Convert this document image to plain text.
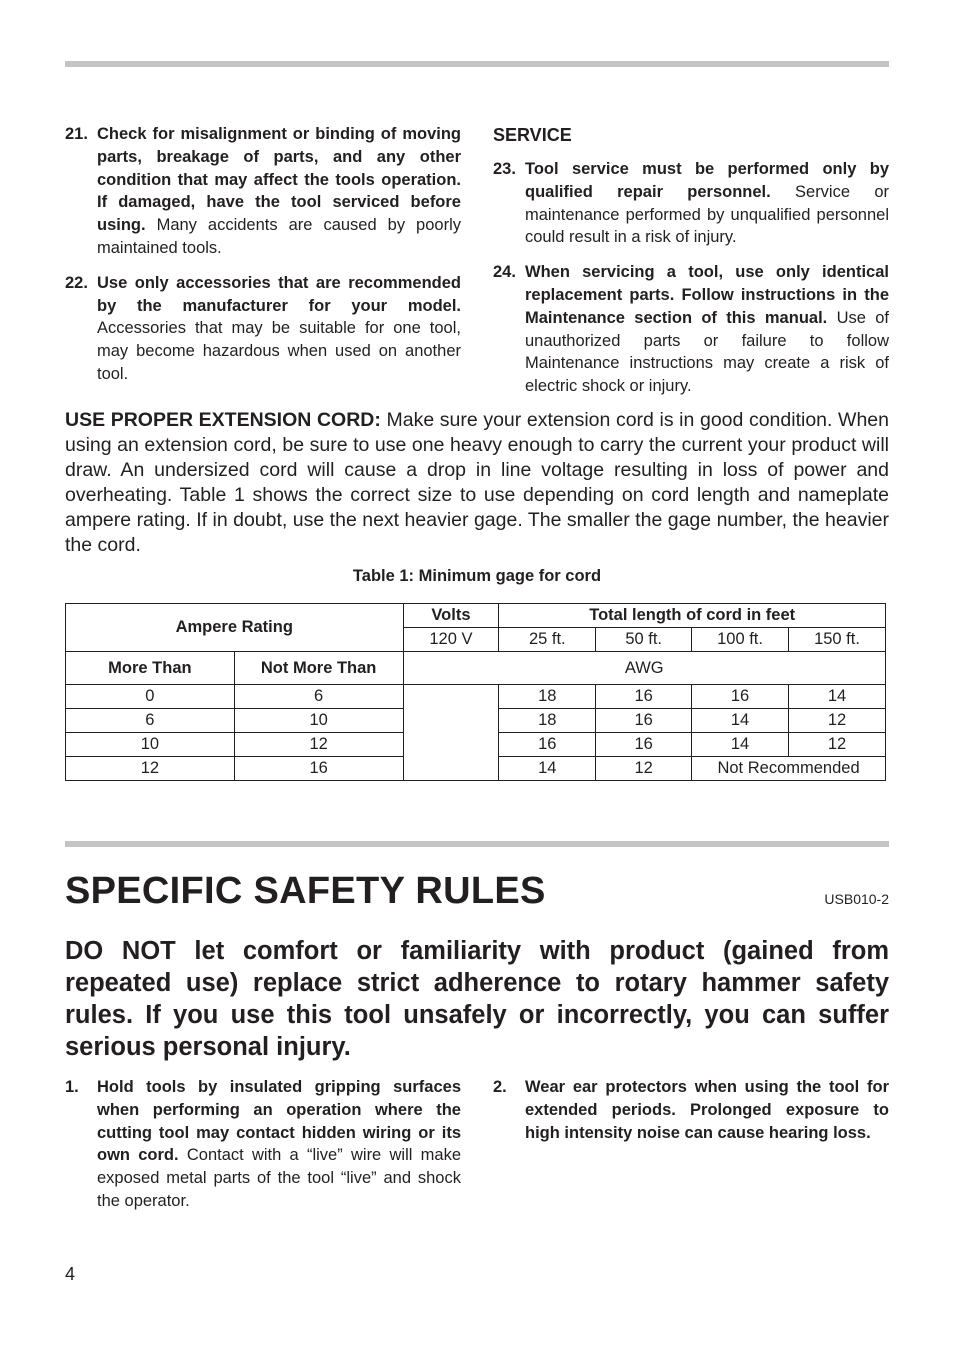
21. Check for misalignment or binding of moving parts, breakage of parts, and any other condition that may affect the tools operation. If damaged, have the tool serviced before using. Many accidents are caused by poorly maintained tools.
22. Use only accessories that are recommended by the manufacturer for your model. Accessories that may be suitable for one tool, may become hazardous when used on another tool.
SERVICE
23. Tool service must be performed only by qualified repair personnel. Service or maintenance performed by unqualified personnel could result in a risk of injury.
24. When servicing a tool, use only identical replacement parts. Follow instructions in the Maintenance section of this manual. Use of unauthorized parts or failure to follow Maintenance instructions may create a risk of electric shock or injury.

USE PROPER EXTENSION CORD: Make sure your extension cord is in good condition. When using an extension cord, be sure to use one heavy enough to carry the current your product will draw. An undersized cord will cause a drop in line voltage resulting in loss of power and overheating. Table 1 shows the correct size to use depending on cord length and nameplate ampere rating. If in doubt, use the next heavier gage. The smaller the gage number, the heavier the cord.

Table 1: Minimum gage for cord
Ampere Rating		Volts	Total length of cord in feet			
		120 V	25 ft.	50 ft.	100 ft.	150 ft.
More Than	Not More Than	AWG				
0	6		18	16	16	14
6	10		18	16	14	12
10	12		16	16	14	12
12	16		14	12	Not Recommended	
SPECIFIC SAFETY RULES	USB010-2

DO NOT let comfort or familiarity with product (gained from repeated use) replace strict adherence to rotary hammer safety rules. If you use this tool unsafely or incorrectly, you can suffer serious personal injury.

1. Hold tools by insulated gripping surfaces when performing an operation where the cutting tool may contact hidden wiring or its own cord. Contact with a “live” wire will make exposed metal parts of the tool “live” and shock the operator.
2. Wear ear protectors when using the tool for extended periods. Prolonged exposure to high intensity noise can cause hearing loss.
4
